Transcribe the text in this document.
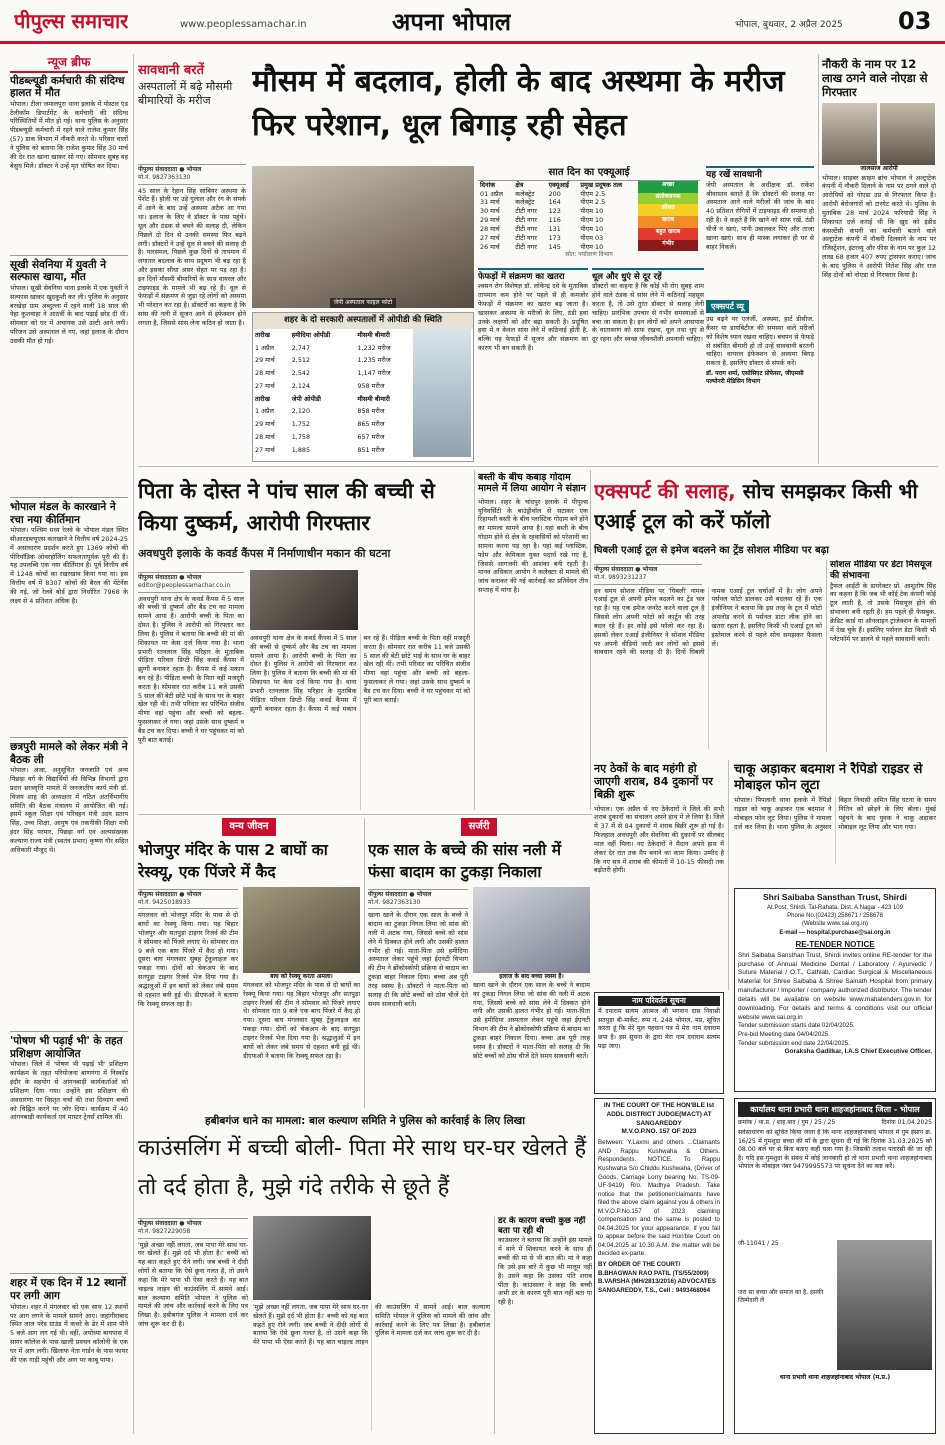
पीपुल्स समाचार	www.peoplessamachar.in	अपना भोपाल	भोपाल, बुधवार, 2 अप्रैल 2025 03
न्यूज ब्रीफ
पीडब्ल्यूडी कर्मचारी की संदिग्ध हालत में मौत
भोपाल। टीला जमालपुरा थाना इलाके में पोस्टल एंड टेलीकॉम डिपार्टमेंट के कर्मचारी की संदिग्ध परिस्थितियों में मौत हो गई। थाना पुलिस के अनुसार पीडब्ल्यूडी कर्मचारी में रहने वाले राजेश कुमार सिंह (57) डाक विभाग में नौकरी करते थे। परिवार वालों ने पुलिस को बताया कि राजेश कुमार सिंह 30 मार्च की देर रात खाना खाकर सो गए। सोमवार सुबह वह बेसुध मिले। डॉक्टर ने उन्हें मृत घोषित कर दिया।
सूखी सेवनिया में युवती ने सल्फास खाया, मौत
भोपाल। सूखी सेवनिया थाना इलाके में एक युवती ने सल्फास खाकर खुदकुशी कर ली। पुलिस के अनुसार बरखेड़ा ग्राम अब्दुल्ला में रहने वाली 18 साल की नेहा कुशवाहा ने आठवीं के बाद पढ़ाई छोड़ दी थी। सोमवार को घर में अचानक उसे उल्टी आने लगी। परिजन उसे अस्पताल ले गए, जहां इलाज के दौरान उसकी मौत हो गई।
भोपाल मंडल के कारखाने ने रचा नया कीर्तिमान
भोपाल। पश्चिम मध्य रेलवे के भोपाल मंडल स्थित सीआरडब्ल्यूएस कारखाने ने वित्तीय वर्ष 2024-25 में असाधारण प्रदर्शन करते हुए 1369 कोचों की पीरियॉडिक ओवरहॉलिंग सफलतापूर्वक पूरी की है। यह उपलब्धि एक नया कीर्तिमान है। पूर्व वित्तीय वर्ष में 1248 कोचों का रखरखाव किया गया था। इस वित्तीय वर्ष में 8307 कोचों की बैरल की मेंटेनेंस की गई, जो रेलवे बोर्ड द्वारा निर्धारित 7968 के लक्ष्य से 4 प्रतिशत अधिक है।
छत्रपुरी मामले को लेकर मंत्री ने बैठक ली
भोपाल। अजा, अनुसूचित जनजाति एवं अन्य पिछड़ा वर्ग के विद्यार्थियों की विभिन्न विभागों द्वारा प्रदत्त छात्रवृत्ति मामले में जनजातीय कार्य मंत्री डॉ. विजय शाह की अध्यक्षता में गठित अंतर्विभागीय समिति की बैठक मंत्रालय में आयोजित की गई। इसमें स्कूल शिक्षा एवं परिवहन मंत्री उदय प्रताप सिंह, उच्च शिक्षा, आयुष एवं तकनीकी शिक्षा मंत्री इंदर सिंह परमार, पिछड़ा वर्ग एवं अल्पसंख्यक कल्याण राज्य मंत्री (स्वतंत्र प्रभार) कृष्णा गौर सहित अधिकारी मौजूद थे।
'पोषण भी पढ़ाई भी' के तहत प्रशिक्षण आयोजित
भोपाल। जिले में 'पोषण भी पढ़ाई भी' प्रशिक्षण कार्यक्रम के तहत परियोजना बाणगंगा में निस्कॉड इंदौर के सहयोग से आंगनबाड़ी कार्यकर्ताओं को प्रशिक्षण दिया गया। उन्होंने इस प्रशिक्षण की अवधारणा पर विस्तृत चर्चा की तथा दिव्यांग बच्चों को चिह्नित करने पर जोर दिया। कार्यक्रम में 40 आंगनबाड़ी कार्यकर्ता एवं मास्टर ट्रेनर्स शामिल थीं।
शहर में एक दिन में 12 स्थानों पर लगी आग
भोपाल। शहर में मंगलवार को एक साथ 12 स्थानों पर आग लगने के मामले सामने आए। जहांगीराबाद स्थित लाल परेड ग्राउंड में कचरे के ढेर में शाम पौने 5 बजे आग लग गई थी। वहीं, अयोध्या बायपास में सागर कॉलेज के पास खाली प्रवचन कॉलोनी के एक घर में आग लगी। खिलाफ नेता गार्डन के पास फायर की एक गाड़ी पहुंची और आग पर काबू पाया।
सावधानी बरतें
अस्पतालों में बढ़े मौसमी बीमारियों के मरीज
मौसम में बदलाव, होली के बाद अस्थमा के मरीज फिर परेशान, धूल बिगाड़ रही सेहत
पीपुल्स संवाददाता ● भोपाल
मो.नं. 9827363130
45 साल के रेहान सिंह सांबियर अस्थमा के पेशेंट हैं। होली पर उड़े गुलाल और रंग के संपर्क में आने के बाद उन्हें अस्थमा अटैक आ गया था। इलाज के लिए वे डॉक्टर के पास पहुंचे। धूल और ठंडक से बचने की सलाह दी, लेकिन पिछले दो दिन से उनकी समस्या फिर बढ़ने लगी। डॉक्टरों ने उन्हें धूल से बचने की सलाह दी है। पारसमल, पिछले कुछ दिनों से तापमान में लगातार बदलाव के साथ प्रदूषण भी बढ़ रहा है और इसका सीधा असर सेहत पर पड़ रहा है। इन दिनों मौसमी बीमारियों के साथ वायरल और टाइफाइड के मामले भी बढ़ रहे हैं। धूल से फेफड़ों में संक्रमण से जुड़ा रहे लोगों को अस्थमा भी परेशान कर रहा है। डॉक्टरों का कहना है कि सांस की नली में सूजन आने से इंफेक्शन होने लगता है, जिससे सांस लेना कठिन हो जाता है।
जेपी अस्पताल फाइल फोटो
शहर के दो सरकारी अस्पतालों में ओपीडी की स्थिति
तारीख	हमीदिया ओपीडी	मौसमी बीमारी
1 अप्रैल	2,747	1,232 मरीज
29 मार्च	2,512	1,235 मरीज
28 मार्च	2,542	1,147 मरीज
27 मार्च	2,124	958 मरीज
तारीख	जेपी ओपीडी	मौसमी बीमारी
1 अप्रैल	2,120	858 मरीज
29 मार्च	1,752	865 मरीज
28 मार्च	1,758	657 मरीज
27 मार्च	1,885	851 मरीज
सात दिन का एक्यूआई
दिनांक	क्षेत्र	एक्यूआई	प्रमुख प्रदूषक तत्व
01 अप्रैल	कलेक्ट्रेट	200	पीएम 2.5
31 मार्च	कलेक्ट्रेट	164	पीएम 2.5
30 मार्च	टीटी नगर	123	पीएम 10
29 मार्च	टीटी नगर	116	पीएम 10
28 मार्च	टीटी नगर	131	पीएम 10
27 मार्च	टीटी नगर	173	पीएम 03
26 मार्च	टीटी नगर	145	पीएम 10
अच्छा
संतोषजनक
औसत
खराब
बहुत खराब
गंभीर
स्रोत: पर्यावरण विभाग
फेफड़ों में संक्रमण का खतरा
श्वसन रोग विशेषज्ञ डॉ. लोकेन्द्र दवे के मुताबिक तापमान कम होने पर पहले से ही कमजोर फेफड़ों में संक्रमण का खतरा बढ़ जाता है। खासकर अस्थमा के मरीजों के लिए, ठंडी हवा उनके लक्षणों को और बढ़ा सकती है। प्रदूषित हवा में न केवल सांस लेने में कठिनाई होती है, बल्कि यह फेफड़ों में सूजन और संक्रमण का कारण भी बन सकती है।
धूल और धुएं से दूर रहें
डॉक्टरों का कहना है कि कोई भी रोग सुबह शाम होने वाले ठंडक से सांस लेने में कठिनाई महसूस करता है, तो उसे तुरंत डॉक्टर से सलाह लेनी चाहिए। प्रारंभिक उपचार से गंभीर समस्याओं से बचा जा सकता है। इन लोगों को अपने आसपास के वातावरण को साफ रखना, धूल तथा धुएं से दूर रहना और स्वच्छ जीवनशैली अपनानी चाहिए।
यह रखें सावधानी
जेपी अस्पताल के अधीक्षक डॉ. राकेश श्रीवास्तव बताते हैं कि डॉक्टरों की सलाह पर अस्पताल आने वाले मरीजों की जांच के बाद 40 प्रतिशत रोगियों में टाइफाइड की समस्या हो रही है। वे कहते हैं कि खाने को साफ रखें, ठंडी चीजें न खाएं, पानी उबालकर पिएं और ताजा खाना खाएं। साथ ही मास्क लगाकर ही घर से बाहर निकलें।
एक्सपर्ट व्यू
उम्र बढ़ने पर एलर्जी, अस्थमा, हार्ट डीसीज, कैंसर या डायबिटीज की समस्या वाले मरीजों को विशेष ध्यान रखना चाहिए। बचपन से फेफड़े से संबंधित बीमारी हो तो उन्हें सावधानी बरतनी चाहिए। वायरल इंफेक्शन से अस्थमा बिगड़ सकता है, इसलिए डॉक्टर से संपर्क करें।
डॉ. पराग शर्मा, एसोसिएट प्रोफेसर, जीएमसी पल्मोनरी मेडिसिन विभाग
नौकरी के नाम पर 12 लाख ठगने वाले नोएडा से गिरफ्तार
जालसाज आरोपी
भोपाल। साइबर क्राइम ब्रांच भोपाल ने अल्ट्राटेक कंपनी में नौकरी दिलाने के नाम पर ठगने वाले दो आरोपियों को नोएडा उप्र से गिरफ्तार किया है। आरोपी बेरोजगारों को टारगेट करते थे। पुलिस के मुताबिक 28 मार्च 2024 फरियादी सिंह ने शिकायत दर्ज कराई थी कि खुद को इंडीड कंसल्टेंसी कंपनी का कर्मचारी बताने वाले अल्ट्राटेक कंपनी में नौकरी दिलवाने के नाम पर रजिस्ट्रेशन, इंटरव्यू और फीस के नाम पर कुल 12 लाख 68 हजार 407 रुपए ट्रांसफर कराए। जांच के बाद पुलिस ने आरोपी नितेश सिंह और राज सिंह दोनों को नोएडा से गिरफ्तार किया है।
पिता के दोस्त ने पांच साल की बच्ची से किया दुष्कर्म, आरोपी गिरफ्तार
अवधपुरी इलाके के कवर्ड कैंपस में निर्माणाधीन मकान की घटना
पीपुल्स संवाददाता ● भोपाल
editor@peoplessamachar.co.in
अवधपुरी थाना क्षेत्र के कवर्ड कैंपस में 5 साल की बच्ची से दुष्कर्म और बैड टच का मामला सामने आया है। आरोपी बच्ची के पिता का दोस्त है। पुलिस ने आरोपी को गिरफ्तार कर लिया है। पुलिस ने बताया कि बच्ची की मां की शिकायत पर केस दर्ज किया गया है। थाना प्रभारी रतनलाल सिंह परिहार के मुताबिक पीड़िता परिवार डिप्टी सिंह कवर्ड कैंपस में झुग्गी बनाकर रहता है। कैंपस में कई मकान बन रहे हैं। पीड़िता बच्ची के पिता वहीं मजदूरी करता है। सोमवार रात करीब 11 बजे उसकी 5 साल की बेटी छोटे भाई के साथ घर के बाहर खेल रही थी। तभी परिवार का परिचित संजीव मीणा वहां पहुंचा और बच्ची को बहला-फुसलाकर ले गया। जहां उसके साथ दुष्कर्म व बैड टच कर दिया। बच्ची ने घर पहुंचकर मां को पूरी बात बताई।
अवधपुरी थाना क्षेत्र के कवर्ड कैंपस में 5 साल की बच्ची से दुष्कर्म और बैड टच का मामला सामने आया है। आरोपी बच्ची के पिता का दोस्त है। पुलिस ने आरोपी को गिरफ्तार कर लिया है। पुलिस ने बताया कि बच्ची की मां की शिकायत पर केस दर्ज किया गया है। थाना प्रभारी रतनलाल सिंह परिहार के मुताबिक पीड़िता परिवार डिप्टी सिंह कवर्ड कैंपस में झुग्गी बनाकर रहता है। कैंपस में कई मकान बन रहे हैं। पीड़िता बच्ची के पिता वहीं मजदूरी करता है। सोमवार रात करीब 11 बजे उसकी 5 साल की बेटी छोटे भाई के साथ घर के बाहर खेल रही थी। तभी परिवार का परिचित संजीव मीणा वहां पहुंचा और बच्ची को बहला-फुसलाकर ले गया। जहां उसके साथ दुष्कर्म व बैड टच कर दिया। बच्ची ने घर पहुंचकर मां को पूरी बात बताई।
बस्ती के बीच कबाड़ गोदाम मामले में लिया आयोग ने संज्ञान
भोपाल। शहर के चांदपुर इलाके में पीपुल्स यूनिवर्सिटी के बाउंड्रीवॉल से सटाकर एक रिहायशी बस्ती के बीच प्लास्टिक गोदाम बने होने का मामला सामने आया है। यहां बस्ती के बीच गोदाम होने से क्षेत्र के रहवासियों को परेशानी का सामना करना पड़ रहा है। यहां कई प्लास्टिक, फोम और केमिकल युक्त पदार्थ रखे गए हैं, जिससे आगजनी की आशंका बनी रहती है। मानव अधिकार आयोग ने कलेक्टर से मामले की जांच कराकर की गई कार्रवाई का प्रतिवेदन तीन सप्ताह में मांगा है।
एक्सपर्ट की सलाह, सोच समझकर किसी भी एआई टूल को करें फॉलो
घिबली एआई टूल से इमेज बदलने का ट्रेंड सोशल मीडिया पर बढ़ा
पीपुल्स संवाददाता ● भोपाल
मो.नं. 9893231237
इन समय सोशल मीडिया पर 'घिबली' नामक एआई टूल से अपनी इमेज बदलने का ट्रेंड चल रहा है। यह एक इमेज जनरेट करने वाला टूल है जिससे लोग अपनी फोटो को कार्टून की तरह बदल रहे हैं। हर कोई इसे फॉलो कर रहा है। इसको लेकर एआई इंजीनियर ने सोशल मीडिया पर अपनी वीडियो जारी कर लोगों को इससे सावधान रहने की सलाह दी है। दिनों घिबली नामक एआई टूल चर्चाओं में है। लोग अपने पर्सनल फोटो डालकर उसे बदलवा रहे हैं। एक इंजीनियर ने बताया कि इस तरह के टूल में फोटो अपलोड करने से पर्सनल डाटा लीक होने का खतरा रहता है, इसलिए किसी भी एआई टूल को इस्तेमाल करने से पहले सोच समझकर फैसला लें।
सोशल मीडिया पर डेटा मिसयूज की संभावना
ट्रैफल आईटी के डायरेक्टर प्रो. आशुतोष सिंह का कहना है कि जब भी कोई टेक कंपनी कोई टूल लाती है, तो उसके मिसयूज होने की संभावना बनी रहती है। हम पहले ही फेसबुक, क्रेडिट कार्ड या ऑनलाइन ट्रांजेक्शन के मामलों में देख चुके हैं। इसलिए पर्सनल डेटा किसी भी प्लेटफॉर्म पर डालने से पहले सावधानी बरतें।
नए ठेकों के बाद महंगी हो जाएगी शराब, 84 दुकानों पर बिक्री शुरू
भोपाल। एक अप्रैल से नए ठेकेदारों ने जिले की सभी शराब दुकानों का संचालन अपने हाथ में ले लिया है। जिले में 37 में से 84 दुकानों में शराब बिक्री शुरू हो गई है। फिलहाल अवधपुरी और सेवनिया की दुकानों पर सीलबंद माल नहीं मिला। नए ठेकेदारों ने मैदान अपने हाथ में लेकर देर रात तक मैप बनाने का काम किया। उम्मीद है कि नए सत्र में शराब की कीमतों में 10-15 फीसदी तक बढ़ोतरी होगी।
चाकू अड़ाकर बदमाश ने रैपिडो राइडर से मोबाइल फोन लूटा
भोपाल। पिपलानी थाना इलाके में रैपिडो राइडर को चाकू अड़ाकर एक बदमाश ने मोबाइल फोन लूट लिया। पुलिस ने मामला दर्ज कर लिया है। थाना पुलिस के अनुसार बिहार निवासी अमित सिंह घटना के समय नितिन को छोड़ने के लिए बोला। मुंबई पहुंचने के बाद युवक ने चाकू अड़ाकर मोबाइल लूट लिया और भाग गया।
Shri Saibaba Sansthan Trust, Shirdi
At.Post. Shirdi, Tal-Rahata, Dist. A.Nagar - 423 109
Phone No.(02423) 258671 / 258678
(Website www.sai.org.in)
E-mail — hospital.purchase@sai.org.in
RE-TENDER NOTICE
Shri Saibaba Sansthan Trust, Shirdi invites online RE-tender for the purchase of Annual Medicine Dental / Laboratory / Ayurvedic / Suture Material / O.T., Cathlab, Cardiac Surgical & Miscellaneous Material for Shree Saibaba & Shree Sainath Hospital from primary manufacturer / Importer / company authorized distributor. The tender details will be available on website www.mahatenders.gov.in for downloading. For details and terms & conditions visit our official website www.sai.org.in
Tender submission starts date 02/04/2025.
Pre-bid Meeting date 04/04/2025.
Tender submission end date 22/04/2025.
Goraksha Gadilkar, I.A.S Chief Executive Officer.
वन्य जीवन
भोजपुर मंदिर के पास 2 बाघों का रेस्क्यू, एक पिंजरे में कैद
पीपुल्स संवाददाता ● भोपाल
मो.नं. 9425018933
मंगलवार को भोजपुर मंदिर के पास से दो बाघों का रेस्क्यू किया गया। यह बिहार भोजपुर और सतपुड़ा टाइगर रिजर्व की टीम ने सोमवार को पिंजरे लगाए थे। सोमवार रात 9 बजे एक बाघ पिंजरे में कैद हो गया। दूसरा बाघ मंगलवार सुबह ट्रेंकुलाइज कर पकड़ा गया। दोनों को चेकअप के बाद सतपुड़ा टाइगर रिजर्व भेज दिया गया है। श्रद्धालुओं में इन बाघों को लेकर लंबे समय से दहशत बनी हुई थी। डीएफओ ने बताया कि रेस्क्यू सफल रहा है।
बाघ को रेस्क्यू करता अमला।
मंगलवार को भोजपुर मंदिर के पास से दो बाघों का रेस्क्यू किया गया। यह बिहार भोजपुर और सतपुड़ा टाइगर रिजर्व की टीम ने सोमवार को पिंजरे लगाए थे। सोमवार रात 9 बजे एक बाघ पिंजरे में कैद हो गया। दूसरा बाघ मंगलवार सुबह ट्रेंकुलाइज कर पकड़ा गया। दोनों को चेकअप के बाद सतपुड़ा टाइगर रिजर्व भेज दिया गया है। श्रद्धालुओं में इन बाघों को लेकर लंबे समय से दहशत बनी हुई थी। डीएफओ ने बताया कि रेस्क्यू सफल रहा है।
सर्जरी
एक साल के बच्चे की सांस नली में फंसा बादाम का टुकड़ा निकाला
पीपुल्स संवाददाता ● भोपाल
मो.नं. 9827363130
खाना खाने के दौरान एक साल के बच्चे ने बादाम का टुकड़ा निगल लिया जो सांस की नली में अटक गया, जिससे बच्चे को सांस लेने में दिक्कत होने लगी और उसकी हालत गंभीर हो गई। माता-पिता उसे हमीदिया अस्पताल लेकर पहुंचे जहां ईएनटी विभाग की टीम ने ब्रोंकोस्कोपी प्रक्रिया से बादाम का टुकड़ा बाहर निकाल दिया। बच्चा अब पूरी तरह स्वस्थ है। डॉक्टरों ने माता-पिता को सलाह दी कि छोटे बच्चों को ठोस चीजें देते समय सावधानी बरतें।
इलाज के बाद बच्चा स्वस्थ है।
खाना खाने के दौरान एक साल के बच्चे ने बादाम का टुकड़ा निगल लिया जो सांस की नली में अटक गया, जिससे बच्चे को सांस लेने में दिक्कत होने लगी और उसकी हालत गंभीर हो गई। माता-पिता उसे हमीदिया अस्पताल लेकर पहुंचे जहां ईएनटी विभाग की टीम ने ब्रोंकोस्कोपी प्रक्रिया से बादाम का टुकड़ा बाहर निकाल दिया। बच्चा अब पूरी तरह स्वस्थ है। डॉक्टरों ने माता-पिता को सलाह दी कि छोटे बच्चों को ठोस चीजें देते समय सावधानी बरतें।
नाम परिवर्तन सूचना
मैं दयाराम सत्यम आत्मज श्री भगवान दास निवासी सतपुड़ा बी-मार्केट, रूम नं. 248 भोपाल, मप्र, सूचित करता हूं कि मेरे मूल पहचान पत्र में मेरा नाम दयाराम छपा है। इस सूचना के द्वारा मेरा नाम दयाराम सत्यम पढ़ा जाए।
IN THE COURT OF THE HON'BLE Ist ADDL DISTRICT JUDGE(MACT) AT SANGAREDDY
M.V.O.P.NO. 157 OF 2023
Between: Y.Laxmi and others ...Claimants AND Rappu Kushwaha & Others. Respondents. NOTICE. To Rappu Kushwaha S/o Chiddu Kushwaha, (Driver of Goods, Carriage Lorry bearing No. TS-09-UF-9419) R/o. Madhya Pradesh. Take notice that the petitioner/claimants have filed the above claim against you & others in M.V.O.P.No.157 of 2023 claiming compensation and the same is posted to 04.04.2025 for your appearance. If you fail to appear before the said Hon'ble Court on 04.04.2025 at 10.30 A.M. the matter will be decided ex-parte.
BY ORDER OF THE COURT/ B.BHAGWAN RAO PATIL (TS/55/2009) B.VARSHA (MH/2813/2016) ADVOCATES SANGAREDDY, T.S., Cell : 9493468064
कार्यालय थाना प्रभारी थाना शाहजहांनाबाद जिला - भोपाल
क्रमांक / था.प्र. / शाह.बाद / गुम / 25 / 25	दिनांक 01.04.2025
सर्वसाधारण को सूचित किया जाता है कि थाना शाहजहांनाबाद भोपाल में गुम इंसान क्र. 16/25 में गुमशुदा बच्चा की माँ के द्वारा सूचना दी गई कि दिनांक 31.03.2025 को 08.00 बजे घर से बिना बताए कहीं चला गया है। जिसकी तलाश पतारसी की जा रही है। यदि इस गुमशुदा के संबंध में कोई जानकारी हो तो थाना प्रभारी थाना शाहजहांनाबाद भोपाल के मोबाइल नंबर 9479995573 पर सूचना देने का कष्ट करें।
जी-11041 / 25
जरा सा बच्चा और समाज का है, इसकी जिम्मेदारी लें
थाना प्रभारी थाना शाहजहांनाबाद भोपाल (म.प्र.)
हबीबगंज थाने का मामला: बाल कल्याण समिति ने पुलिस को कार्रवाई के लिए लिखा
काउंसलिंग में बच्ची बोली- पिता मेरे साथ घर-घर खेलते हैं तो दर्द होता है, मुझे गंदे तरीके से छूते हैं
पीपुल्स संवाददाता ● भोपाल
मो.नं. 9827229058
'मुझे अच्छा नहीं लगता, जब पापा मेरे साथ घर-घर खेलते हैं। मुझे दर्द भी होता है।' बच्ची को यह बात कहते हुए रोने लगी। जब बच्ची ने दीदी लोगों से बताया कि ऐसे छूना गलत है, तो उसने कहा कि मेरे पापा भी ऐसा करते हैं। यह बात चाइल्ड लाइन की काउंसलिंग में सामने आई। बाल कल्याण समिति भोपाल ने पुलिस को मामले की जांच और कार्रवाई करने के लिए पत्र लिखा है। हबीबगंज पुलिस ने मामला दर्ज कर जांच शुरू कर दी है।
'मुझे अच्छा नहीं लगता, जब पापा मेरे साथ घर-घर खेलते हैं। मुझे दर्द भी होता है।' बच्ची को यह बात कहते हुए रोने लगी। जब बच्ची ने दीदी लोगों से बताया कि ऐसे छूना गलत है, तो उसने कहा कि मेरे पापा भी ऐसा करते हैं। यह बात चाइल्ड लाइन की काउंसलिंग में सामने आई। बाल कल्याण समिति भोपाल ने पुलिस को मामले की जांच और कार्रवाई करने के लिए पत्र लिखा है। हबीबगंज पुलिस ने मामला दर्ज कर जांच शुरू कर दी है।
डर के कारण बच्ची कुछ नहीं बता पा रही थी
काउंसलर ने बताया कि उन्होंने इस मामले में थाने में शिकायत करने के साथ ही बच्ची की मां से भी बात की। मां ने कहा कि उसे इस बारे में कुछ भी मालूम नहीं है। उसने कहा कि उसका पति शराब पीता है। काउंसलर ने कहा कि बच्ची अभी डर के कारण पूरी बात नहीं बता पा रही है।
